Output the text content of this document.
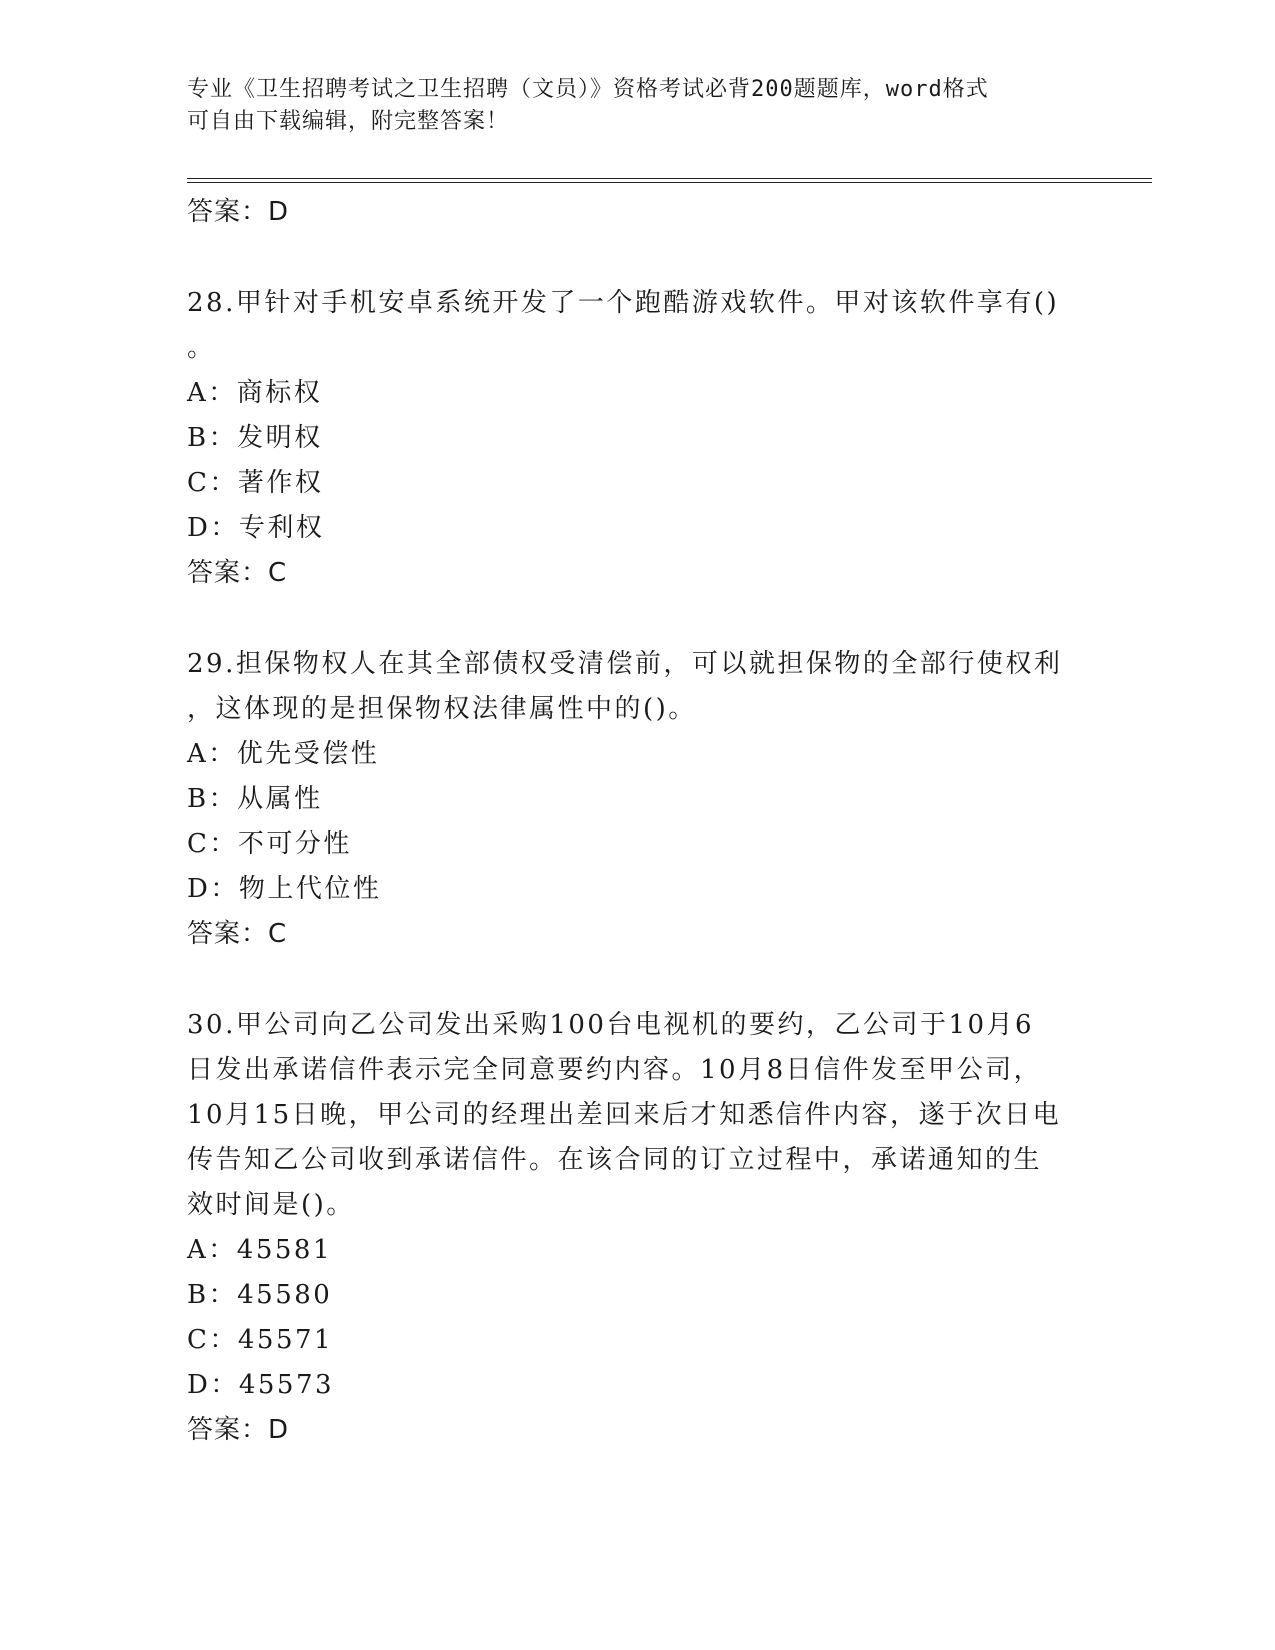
专业《卫生招聘考试之卫生招聘（文员）》资格考试必背200题题库，word格式
可自由下载编辑，附完整答案！
答案：D
28.甲针对手机安卓系统开发了一个跑酷游戏软件。甲对该软件享有()
。
A：商标权
B：发明权
C：著作权
D：专利权
答案：C
29.担保物权人在其全部债权受清偿前，可以就担保物的全部行使权利
，这体现的是担保物权法律属性中的()。
A：优先受偿性
B：从属性
C：不可分性
D：物上代位性
答案：C
30.甲公司向乙公司发出采购100台电视机的要约，乙公司于10月6
日发出承诺信件表示完全同意要约内容。10月8日信件发至甲公司，
10月15日晚，甲公司的经理出差回来后才知悉信件内容，遂于次日电
传告知乙公司收到承诺信件。在该合同的订立过程中，承诺通知的生
效时间是()。
A：45581
B：45580
C：45571
D：45573
答案：D
